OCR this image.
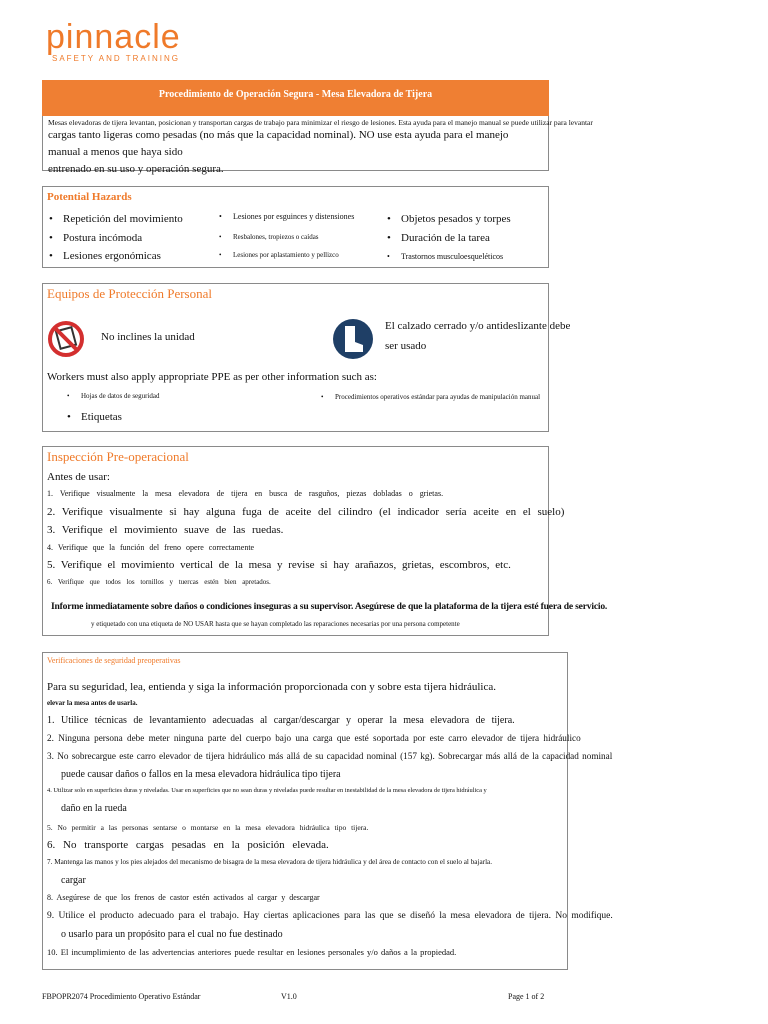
pinnacle
SAFETY AND TRAINING
Procedimiento de Operación Segura - Mesa Elevadora de Tijera
Mesas elevadoras de tijera levantan, posicionan y transportan cargas de trabajo para minimizar el riesgo de lesiones. Esta ayuda para el manejo manual se puede utilizar para levantar
cargas tanto ligeras como pesadas (no más que la capacidad nominal). NO use esta ayuda para el manejo manual a menos que haya sido
entrenado en su uso y operación segura.
Potential Hazards
• Repetición del movimiento
• Postura incómoda
• Lesiones ergonómicas
• Lesiones por esguinces y distensiones
• Resbalones, tropiezos o caídas
• Lesiones por aplastamiento y pellizco
• Objetos pesados y torpes
• Duración de la tarea
• Trastornos musculoesqueléticos
Equipos de Protección Personal
No inclines la unidad
El calzado cerrado y/o antideslizante debe
ser usado
Workers must also apply appropriate PPE as per other information such as:
• Hojas de datos de seguridad
• Etiquetas
• Procedimientos operativos estándar para ayudas de manipulación manual
Inspección Pre-operacional
Antes de usar:
1. Verifique visualmente la mesa elevadora de tijera en busca de rasguños, piezas dobladas o grietas.
2. Verifique visualmente si hay alguna fuga de aceite del cilindro (el indicador sería aceite en el suelo)
3. Verifique el movimiento suave de las ruedas.
4. Verifique que la función del freno opere correctamente
5. Verifique el movimiento vertical de la mesa y revise si hay arañazos, grietas, escombros, etc.
6. Verifique que todos los tornillos y tuercas estén bien apretados.
Informe inmediatamente sobre daños o condiciones inseguras a su supervisor. Asegúrese de que la plataforma de la tijera esté fuera de servicio.
y etiquetado con una etiqueta de NO USAR hasta que se hayan completado las reparaciones necesarias por una persona competente
Verificaciones de seguridad preoperativas
Para su seguridad, lea, entienda y siga la información proporcionada con y sobre esta tijera hidráulica.
elevar la mesa antes de usarla.
1. Utilice técnicas de levantamiento adecuadas al cargar/descargar y operar la mesa elevadora de tijera.
2. Ninguna persona debe meter ninguna parte del cuerpo bajo una carga que esté soportada por este carro elevador de tijera hidráulico
3. No sobrecargue este carro elevador de tijera hidráulico más allá de su capacidad nominal (157 kg). Sobrecargar más allá de la capacidad nominal
puede causar daños o fallos en la mesa elevadora hidráulica tipo tijera
4. Utilizar solo en superficies duras y niveladas. Usar en superficies que no sean duras y niveladas puede resultar en inestabilidad de la mesa elevadora de tijera hidráulica y
daño en la rueda
5. No permitir a las personas sentarse o montarse en la mesa elevadora hidráulica tipo tijera.
6. No transporte cargas pesadas en la posición elevada.
7. Mantenga las manos y los pies alejados del mecanismo de bisagra de la mesa elevadora de tijera hidráulica y del área de contacto con el suelo al bajarla.
cargar
8. Asegúrese de que los frenos de castor estén activados al cargar y descargar
9. Utilice el producto adecuado para el trabajo. Hay ciertas aplicaciones para las que se diseñó la mesa elevadora de tijera. No modifique.
o usarlo para un propósito para el cual no fue destinado
10. El incumplimiento de las advertencias anteriores puede resultar en lesiones personales y/o daños a la propiedad.
FBPOPR2074 Procedimiento Operativo Estándar	V1.0	Page 1 of 2
